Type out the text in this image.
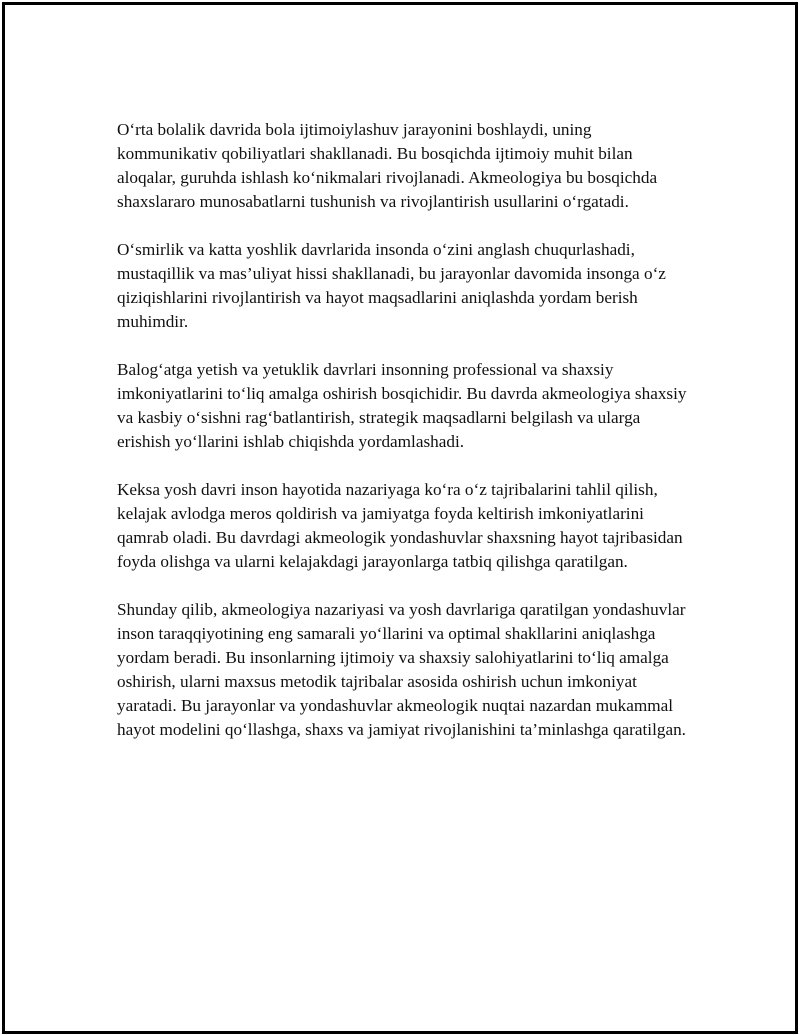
O‘rta bolalik davrida bola ijtimoiylashuv jarayonini boshlaydi, uning kommunikativ qobiliyatlari shakllanadi. Bu bosqichda ijtimoiy muhit bilan aloqalar, guruhda ishlash ko‘nikmalari rivojlanadi. Akmeologiya bu bosqichda shaxslararo munosabatlarni tushunish va rivojlantirish usullarini o‘rgatadi.

O‘smirlik va katta yoshlik davrlarida insonda o‘zini anglash chuqurlashadi, mustaqillik va mas’uliyat hissi shakllanadi, bu jarayonlar davomida insonga o‘z qiziqishlarini rivojlantirish va hayot maqsadlarini aniqlashda yordam berish muhimdir.

Balog‘atga yetish va yetuklik davrlari insonning professional va shaxsiy imkoniyatlarini to‘liq amalga oshirish bosqichidir. Bu davrda akmeologiya shaxsiy va kasbiy o‘sishni rag‘batlantirish, strategik maqsadlarni belgilash va ularga erishish yo‘llarini ishlab chiqishda yordamlashadi.

Keksa yosh davri inson hayotida nazariyaga ko‘ra o‘z tajribalarini tahlil qilish, kelajak avlodga meros qoldirish va jamiyatga foyda keltirish imkoniyatlarini qamrab oladi. Bu davrdagi akmeologik yondashuvlar shaxsning hayot tajribasidan foyda olishga va ularni kelajakdagi jarayonlarga tatbiq qilishga qaratilgan.

Shunday qilib, akmeologiya nazariyasi va yosh davrlariga qaratilgan yondashuvlar inson taraqqiyotining eng samarali yo‘llarini va optimal shakllarini aniqlashga yordam beradi. Bu insonlarning ijtimoiy va shaxsiy salohiyatlarini to‘liq amalga oshirish, ularni maxsus metodik tajribalar asosida oshirish uchun imkoniyat yaratadi. Bu jarayonlar va yondashuvlar akmeologik nuqtai nazardan mukammal hayot modelini qo‘llashga, shaxs va jamiyat rivojlanishini ta’minlashga qaratilgan.
